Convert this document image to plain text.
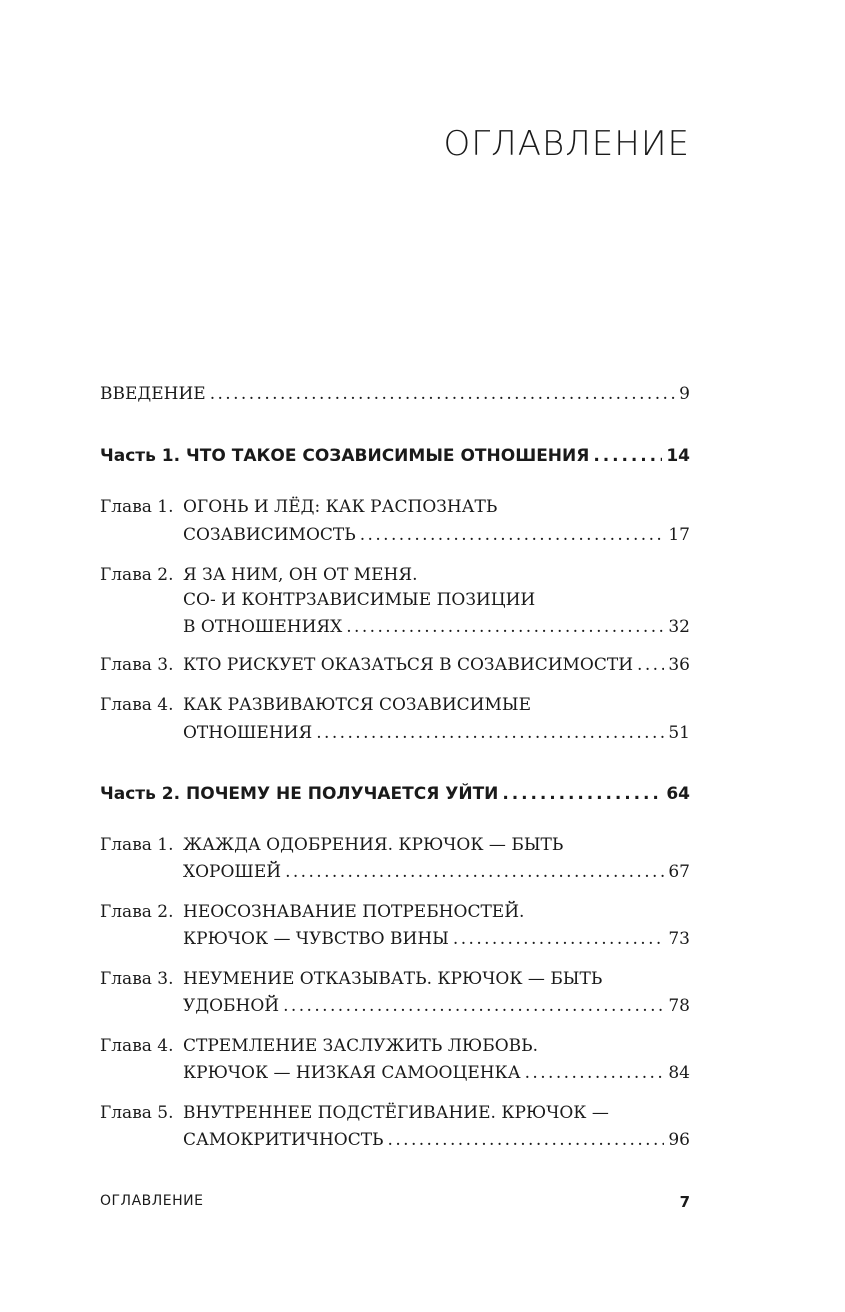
ОГЛАВЛЕНИЕ
ВВЕДЕНИЕ . . .	9
Часть 1. ЧТО ТАКОЕ СОЗАВИСИМЫЕ ОТНОШЕНИЯ . . .	14
Глава 1. ОГОНЬ И ЛЁД: КАК РАСПОЗНАТЬ
СОЗАВИСИМОСТЬ . . .	17
Глава 2. Я ЗА НИМ, ОН ОТ МЕНЯ.
СО- И КОНТРЗАВИСИМЫЕ ПОЗИЦИИ
В ОТНОШЕНИЯХ . . .	32
Глава 3. КТО РИСКУЕТ ОКАЗАТЬСЯ В СОЗАВИСИМОСТИ . . . 36
Глава 4. КАК РАЗВИВАЮТСЯ СОЗАВИСИМЫЕ
ОТНОШЕНИЯ . . .	51
Часть 2. ПОЧЕМУ НЕ ПОЛУЧАЕТСЯ УЙТИ . . .	64
Глава 1. ЖАЖДА ОДОБРЕНИЯ. КРЮЧОК — БЫТЬ
ХОРОШЕЙ . . .	67
Глава 2. НЕОСОЗНАВАНИЕ ПОТРЕБНОСТЕЙ.
КРЮЧОК — ЧУВСТВО ВИНЫ . . .	73
Глава 3. НЕУМЕНИЕ ОТКАЗЫВАТЬ. КРЮЧОК — БЫТЬ
УДОБНОЙ . . .	78
Глава 4. СТРЕМЛЕНИЕ ЗАСЛУЖИТЬ ЛЮБОВЬ.
КРЮЧОК — НИЗКАЯ САМООЦЕНКА . . .	84
Глава 5. ВНУТРЕННЕЕ ПОДСТЁГИВАНИЕ. КРЮЧОК —
САМОКРИТИЧНОСТЬ . . .	96
ОГЛАВЛЕНИЕ	7
